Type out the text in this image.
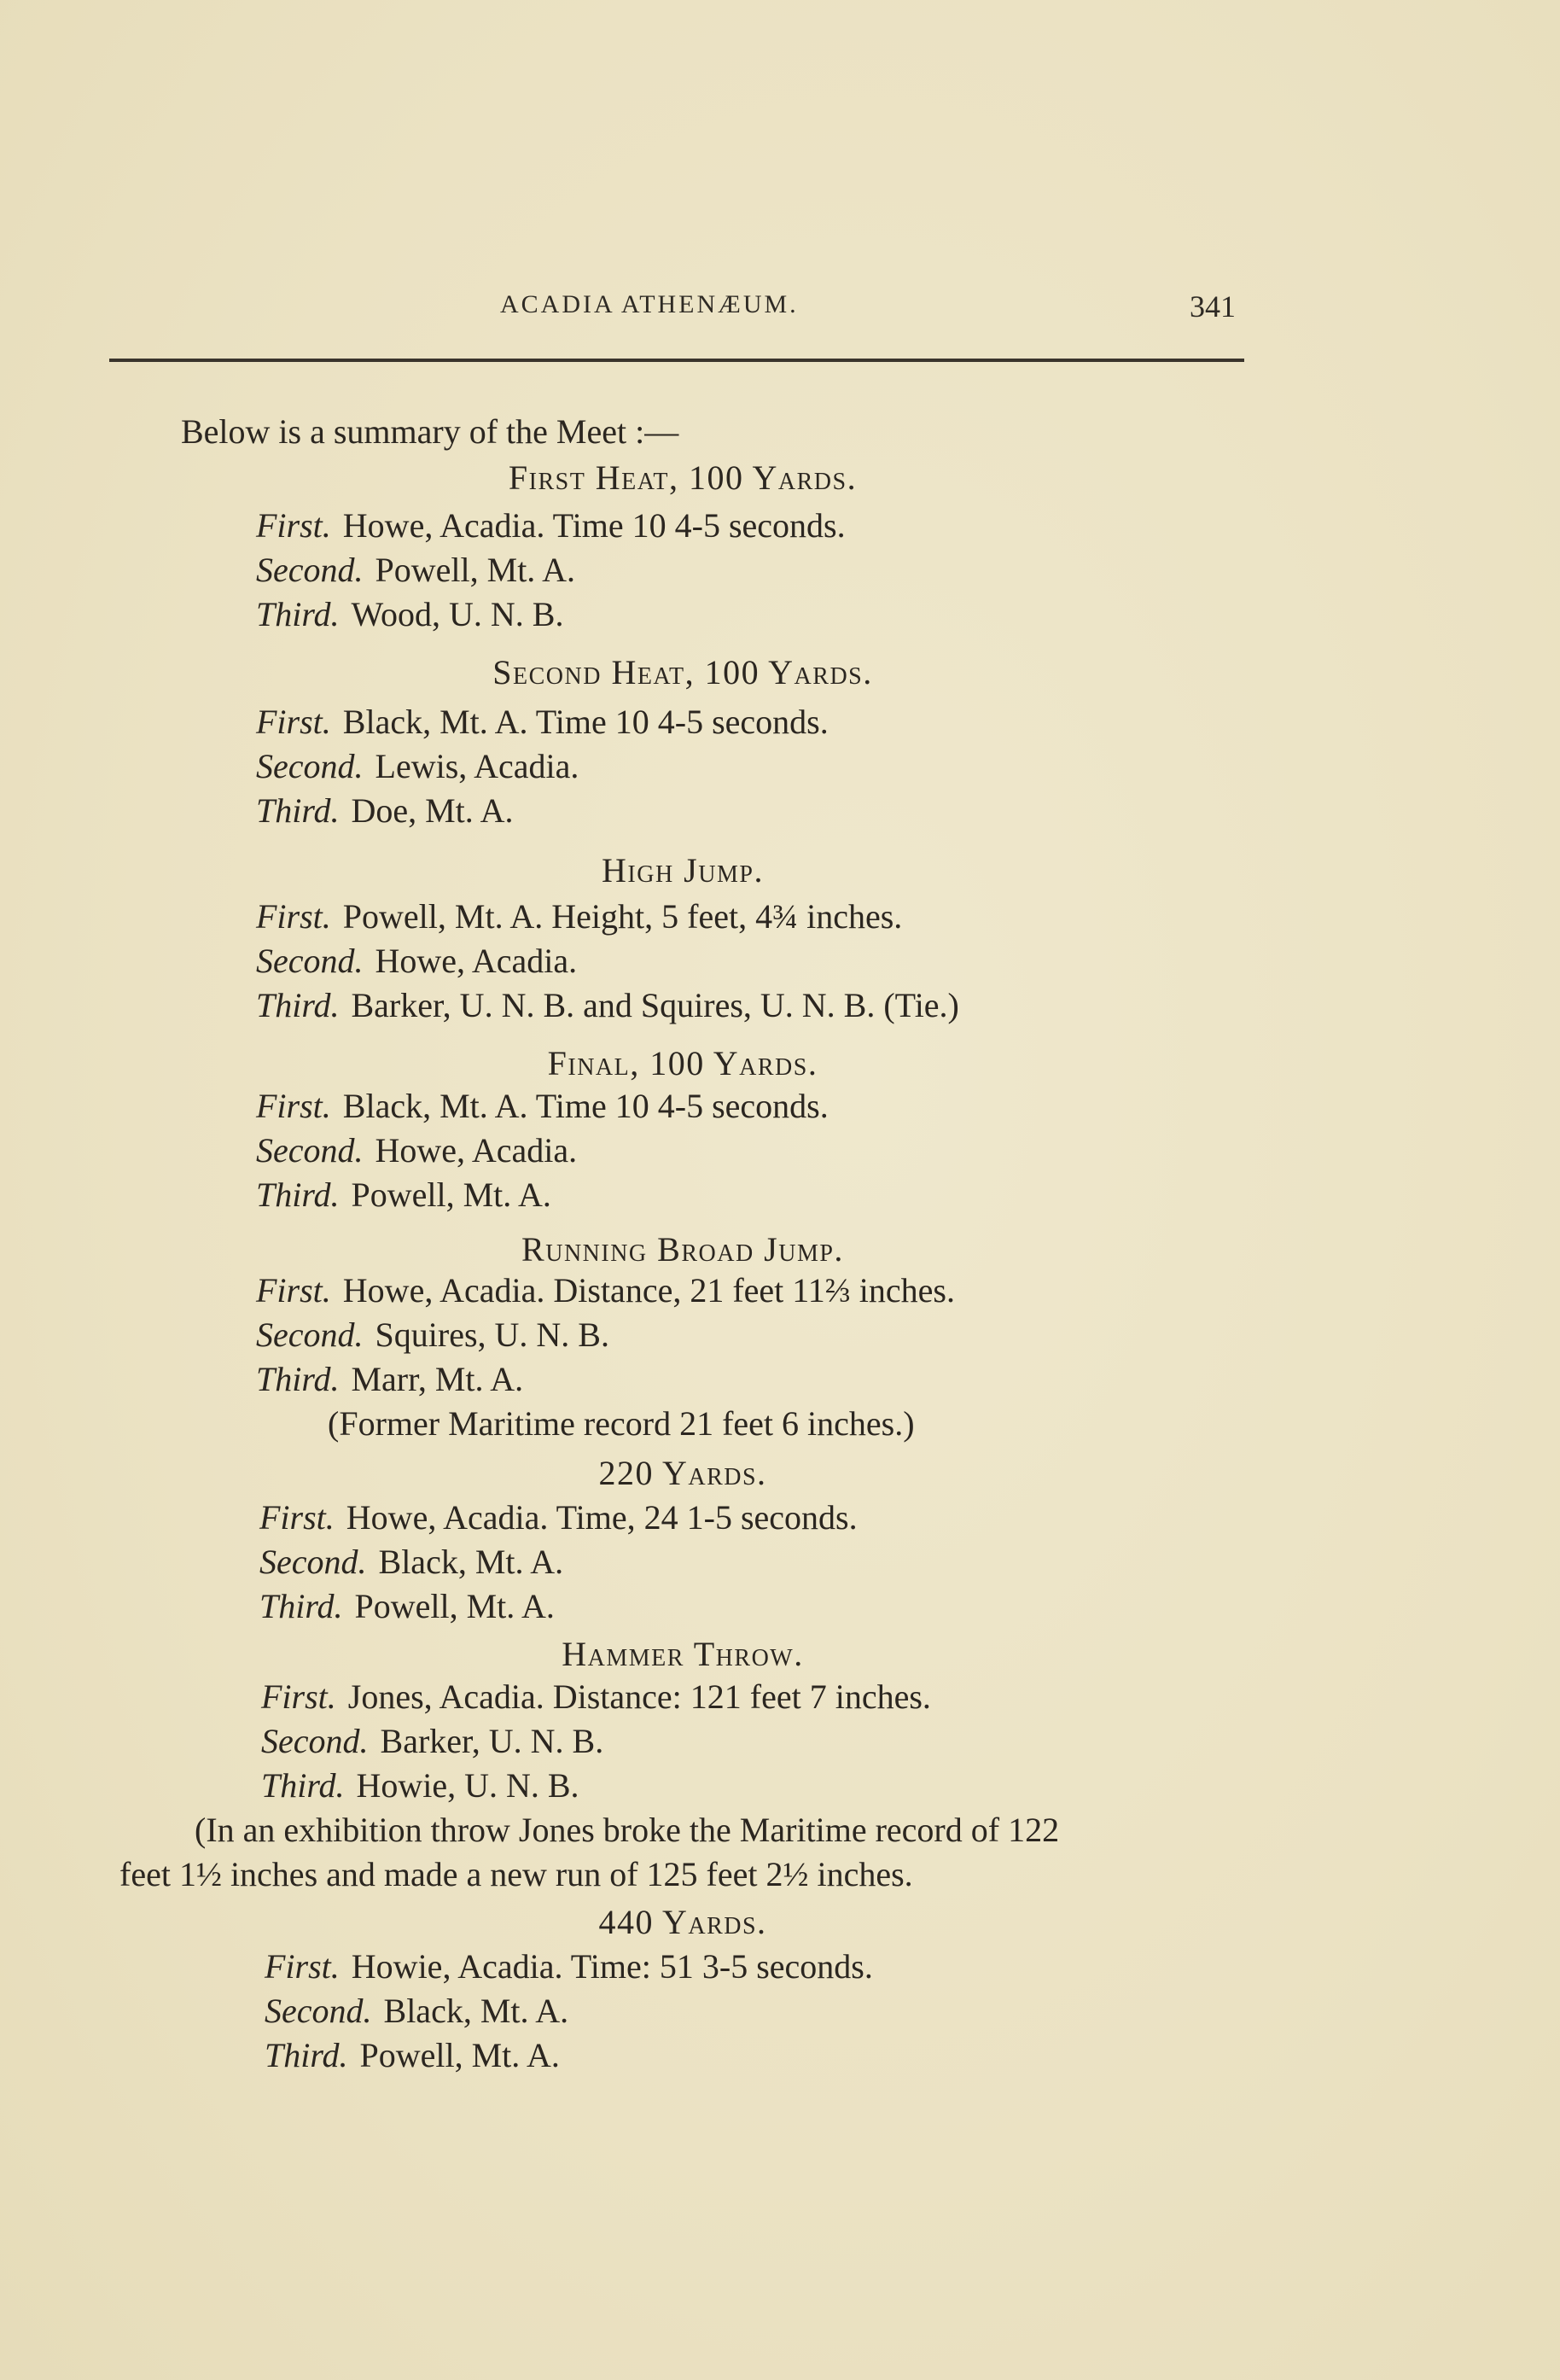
ACADIA ATHENÆUM.	341
Below is a summary of the Meet :—
First Heat, 100 Yards.
First. Howe, Acadia. Time 10 4-5 seconds.
Second. Powell, Mt. A.
Third. Wood, U. N. B.
Second Heat, 100 Yards.
First. Black, Mt. A. Time 10 4-5 seconds.
Second. Lewis, Acadia.
Third. Doe, Mt. A.
High Jump.
First. Powell, Mt. A. Height, 5 feet, 4¾ inches.
Second. Howe, Acadia.
Third. Barker, U. N. B. and Squires, U. N. B. (Tie.)
Final, 100 Yards.
First. Black, Mt. A. Time 10 4-5 seconds.
Second. Howe, Acadia.
Third. Powell, Mt. A.
Running Broad Jump.
First. Howe, Acadia. Distance, 21 feet 11⅔ inches.
Second. Squires, U. N. B.
Third. Marr, Mt. A.
(Former Maritime record 21 feet 6 inches.)
220 Yards.
First. Howe, Acadia. Time, 24 1-5 seconds.
Second. Black, Mt. A.
Third. Powell, Mt. A.
Hammer Throw.
First. Jones, Acadia. Distance: 121 feet 7 inches.
Second. Barker, U. N. B.
Third. Howie, U. N. B.
(In an exhibition throw Jones broke the Maritime record of 122
feet 1½ inches and made a new run of 125 feet 2½ inches.
440 Yards.
First. Howie, Acadia. Time: 51 3-5 seconds.
Second. Black, Mt. A.
Third. Powell, Mt. A.
